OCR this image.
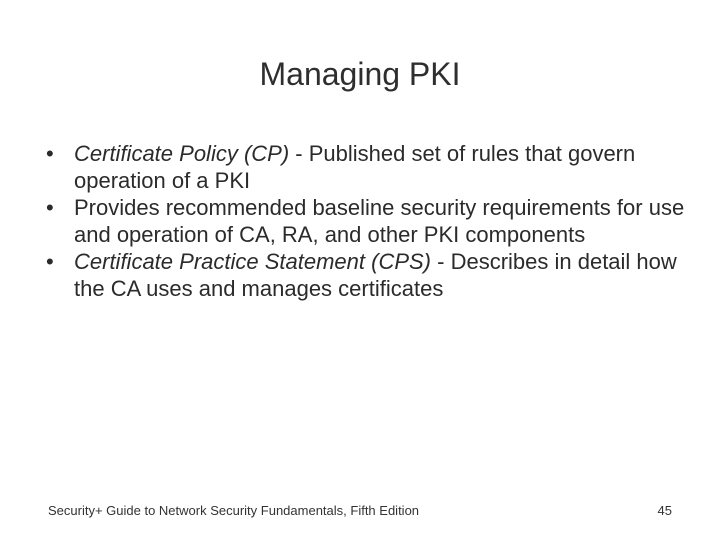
Managing PKI
• Certificate Policy (CP) - Published set of rules that govern operation of a PKI
• Provides recommended baseline security requirements for use and operation of CA, RA, and other PKI components
• Certificate Practice Statement (CPS) - Describes in detail how the CA uses and manages certificates
Security+ Guide to Network Security Fundamentals, Fifth Edition	45
